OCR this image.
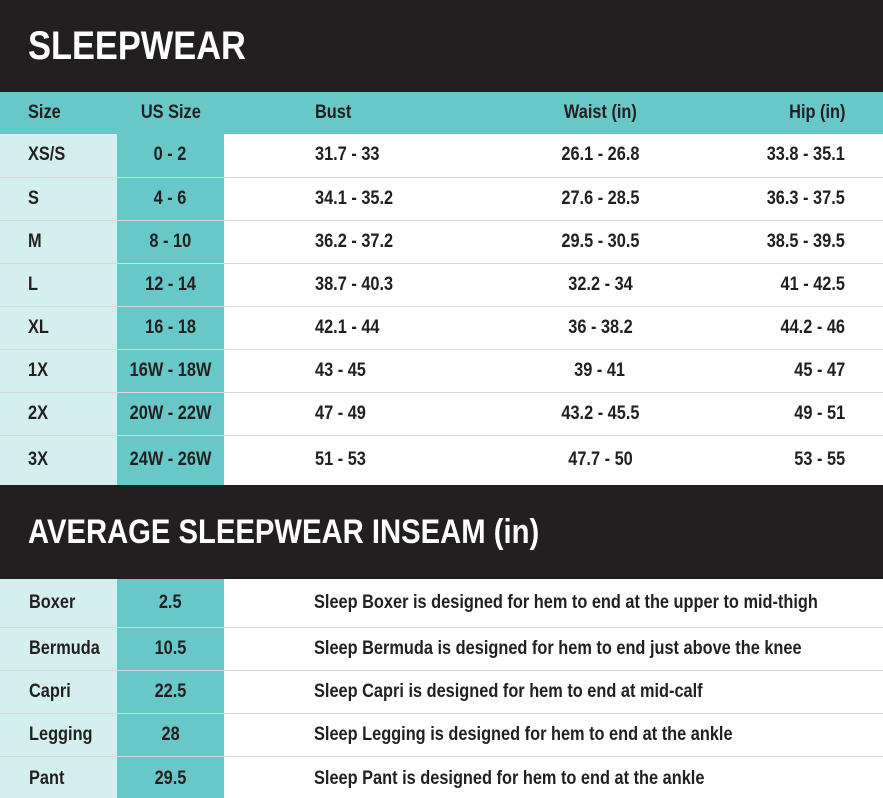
SLEEPWEAR
Size	US Size	Bust	Waist (in)	Hip (in)
XS/S	0 - 2	31.7 - 33	26.1 - 26.8	33.8 - 35.1
S	4 - 6	34.1 - 35.2	27.6 - 28.5	36.3 - 37.5
M	8 - 10	36.2 - 37.2	29.5 - 30.5	38.5 - 39.5
L	12 - 14	38.7 - 40.3	32.2 - 34	41 - 42.5
XL	16 - 18	42.1 - 44	36 - 38.2	44.2 - 46
1X	16W - 18W	43 - 45	39 - 41	45 - 47
2X	20W - 22W	47 - 49	43.2 - 45.5	49 - 51
3X	24W - 26W	51 - 53	47.7 - 50	53 - 55
AVERAGE SLEEPWEAR INSEAM (in)
Boxer	2.5	Sleep Boxer is designed for hem to end at the upper to mid-thigh
Bermuda	10.5	Sleep Bermuda is designed for hem to end just above the knee
Capri	22.5	Sleep Capri is designed for hem to end at mid-calf
Legging	28	Sleep Legging is designed for hem to end at the ankle
Pant	29.5	Sleep Pant is designed for hem to end at the ankle
